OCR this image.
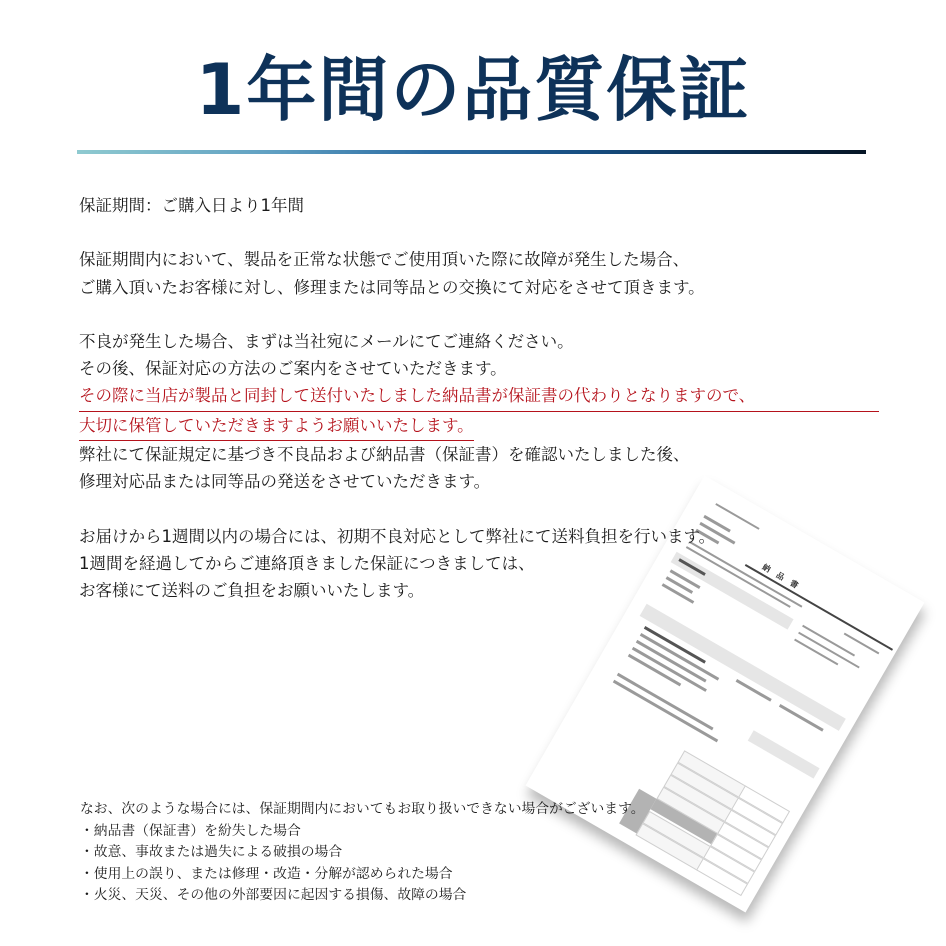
1年間の品質保証
納品書

保証期間：ご購入日より1年間

保証期間内において、製品を正常な状態でご使用頂いた際に故障が発生した場合、

ご購入頂いたお客様に対し、修理または同等品との交換にて対応をさせて頂きます。

不良が発生した場合、まずは当社宛にメールにてご連絡ください。

その後、保証対応の方法のご案内をさせていただきます。

その際に当店が製品と同封して送付いたしました納品書が保証書の代わりとなりますので、

大切に保管していただきますようお願いいたします。

弊社にて保証規定に基づき不良品および納品書（保証書）を確認いたしました後、

修理対応品または同等品の発送をさせていただきます。

お届けから1週間以内の場合には、初期不良対応として弊社にて送料負担を行います。

1週間を経過してからご連絡頂きました保証につきましては、

お客様にて送料のご負担をお願いいたします。

なお、次のような場合には、保証期間内においてもお取り扱いできない場合がございます。

・納品書（保証書）を紛失した場合

・故意、事故または過失による破損の場合

・使用上の誤り、または修理・改造・分解が認められた場合

・火災、天災、その他の外部要因に起因する損傷、故障の場合
